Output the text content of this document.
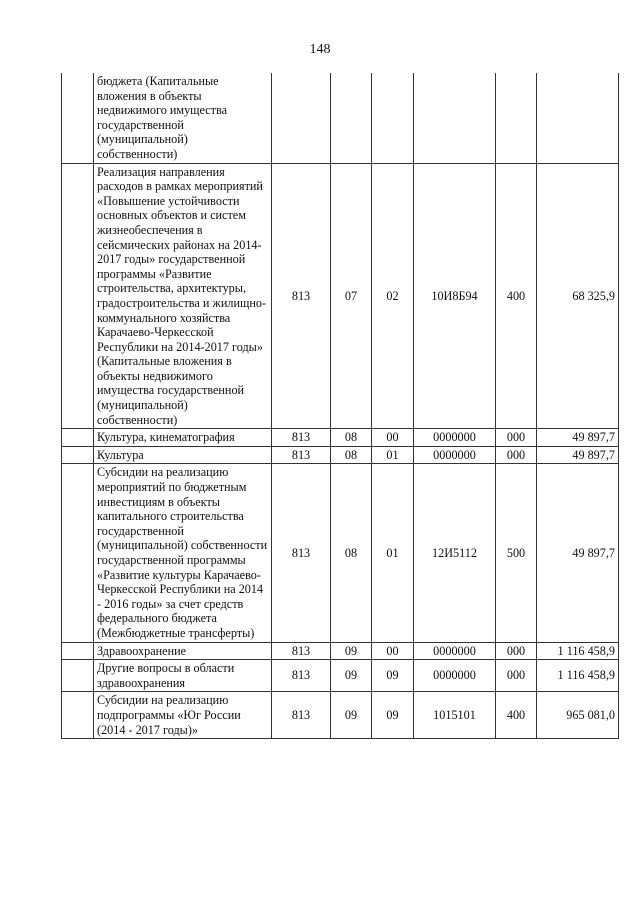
148
	бюджета (Капитальные вложения в объекты недвижимого имущества государственной (муниципальной) собственности)						
	Реализация направления расходов в рамках мероприятий «Повышение устойчивости основных объектов и систем жизнеобеспечения в сейсмических районах на 2014-2017 годы» государственной программы «Развитие строительства, архитектуры, градостроительства и жилищно-коммунального хозяйства Карачаево-Черкесской Республики на 2014-2017 годы» (Капитальные вложения в объекты недвижимого имущества государственной (муниципальной) собственности)	813	07	02	10И8Б94	400	68 325,9
	Культура, кинематография	813	08	00	0000000	000	49 897,7
	Культура	813	08	01	0000000	000	49 897,7
	Субсидии на реализацию мероприятий по бюджетным инвестициям в объекты капитального строительства государственной (муниципальной) собственности государственной программы «Развитие культуры Карачаево-Черкесской Республики на 2014 - 2016 годы» за счет средств федерального бюджета (Межбюджетные трансферты)	813	08	01	12И5112	500	49 897,7
	Здравоохранение	813	09	00	0000000	000	1 116 458,9
	Другие вопросы в области здравоохранения	813	09	09	0000000	000	1 116 458,9
	Субсидии на реализацию подпрограммы «Юг России (2014 - 2017 годы)»	813	09	09	1015101	400	965 081,0
